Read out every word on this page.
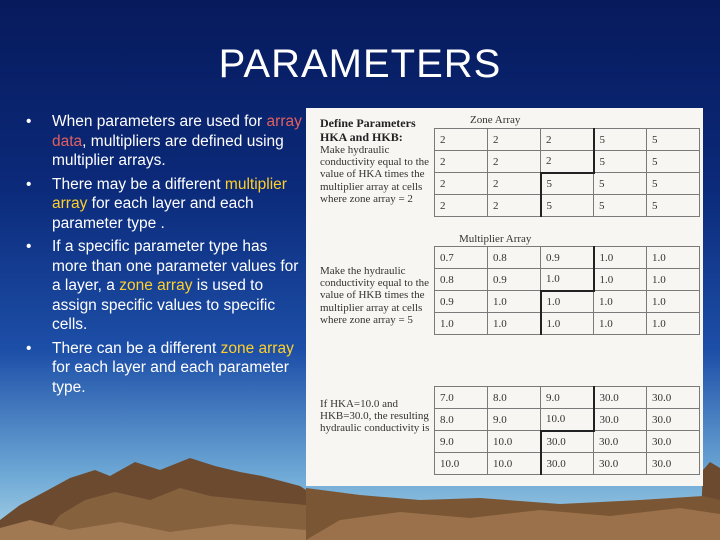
PARAMETERS
•	When parameters are used for array data, multipliers are defined using multiplier arrays.
•	There may be a different multiplier array for each layer and each parameter type .
•	If a specific parameter type has more than one parameter values for a layer, a zone array is used to assign specific values to specific cells.
•	There can be a different zone array for each layer and each parameter type.
Define Parameters HKA and HKB:
Make hydraulic conductivity equal to the value of HKA times the multiplier array at cells where zone array = 2
Make the hydraulic conductivity equal to the value of HKB times the multiplier array at cells where zone array = 5
If HKA=10.0 and HKB=30.0, the resulting hydraulic conductivity is
Zone Array
2	2	2	5	5
2	2	2	5	5
2	2	5	5	5
2	2	5	5	5
Multiplier Array
0.7	0.8	0.9	1.0	1.0
0.8	0.9	1.0	1.0	1.0
0.9	1.0	1.0	1.0	1.0
1.0	1.0	1.0	1.0	1.0
7.0	8.0	9.0	30.0	30.0
8.0	9.0	10.0	30.0	30.0
9.0	10.0	30.0	30.0	30.0
10.0	10.0	30.0	30.0	30.0
